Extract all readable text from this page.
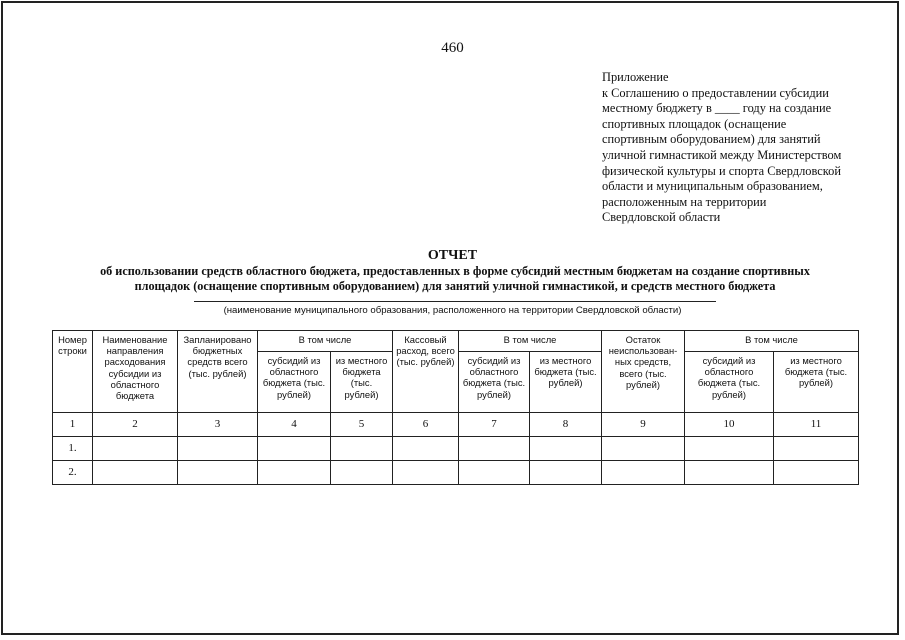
460
Приложение
к Соглашению о предоставлении субсидии
местному бюджету в ____ году на создание
спортивных площадок (оснащение
спортивным оборудованием) для занятий
уличной гимнастикой между Министерством
физической культуры и спорта Свердловской
области и муниципальным образованием,
расположенным на территории
Свердловской области
ОТЧЕТ
об использовании средств областного бюджета, предоставленных в форме субсидий местным бюджетам на создание спортивных
площадок (оснащение спортивным оборудованием) для занятий уличной гимнастикой, и средств местного бюджета
(наименование муниципального образования, расположенного на территории Свердловской области)
Номер строки	Наименование направления расходования субсидии из областного бюджета	Запланировано бюджетных средств всего (тыс. рублей)	В том числе		Кассовый расход, всего (тыс. рублей)	В том числе		Остаток неиспользован-ных средств, всего (тыс. рублей)	В том числе	
			субсидий из областного бюджета (тыс. рублей)	из местного бюджета (тыс. рублей)		субсидий из областного бюджета (тыс. рублей)	из местного бюджета (тыс. рублей)		субсидий из областного бюджета (тыс. рублей)	из местного бюджета (тыс. рублей)
1	2	3	4	5	6	7	8	9	10	11
1.										
2.										
